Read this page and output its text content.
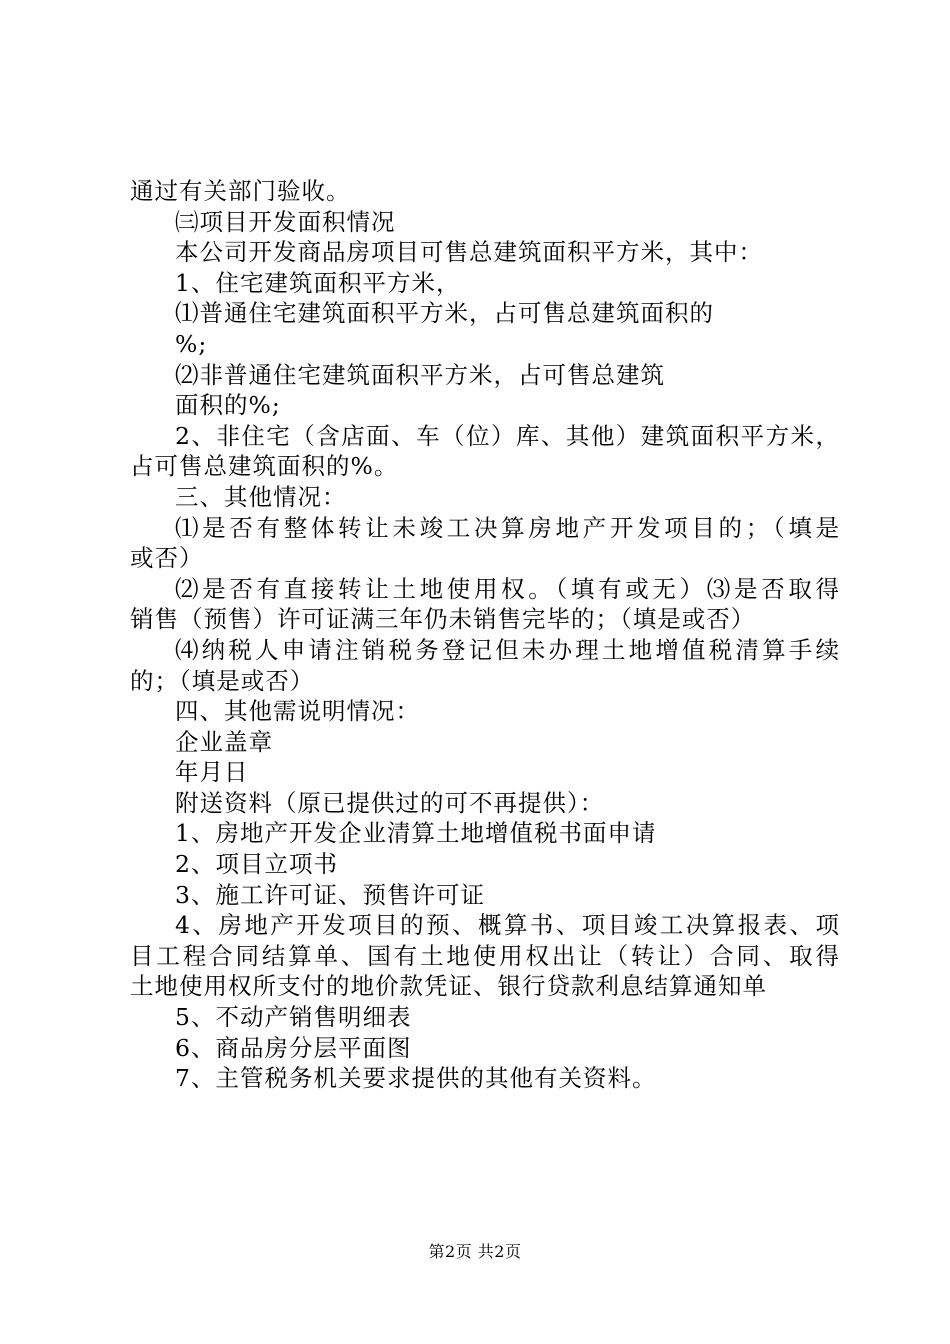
通过有关部门验收。
㈢项目开发面积情况
本公司开发商品房项目可售总建筑面积平方米，其中：
1、住宅建筑面积平方米，
⑴普通住宅建筑面积平方米，占可售总建筑面积的
%;
⑵非普通住宅建筑面积平方米，占可售总建筑
面积的%;
2、非住宅（含店面、车（位）库、其他）建筑面积平方米，
占可售总建筑面积的%。
三、其他情况：
⑴是否有整体转让未竣工决算房地产开发项目的；（填是
或否）
⑵是否有直接转让土地使用权。（填有或无）⑶是否取得
销售（预售）许可证满三年仍未销售完毕的；（填是或否）
⑷纳税人申请注销税务登记但未办理土地增值税清算手续
的；（填是或否）
四、其他需说明情况：
企业盖章
年月日
附送资料（原已提供过的可不再提供）：
1、房地产开发企业清算土地增值税书面申请
2、项目立项书
3、施工许可证、预售许可证
4、房地产开发项目的预、概算书、项目竣工决算报表、项
目工程合同结算单、国有土地使用权出让（转让）合同、取得
土地使用权所支付的地价款凭证、银行贷款利息结算通知单
5、不动产销售明细表
6、商品房分层平面图
7、主管税务机关要求提供的其他有关资料。
第2页 共2页
